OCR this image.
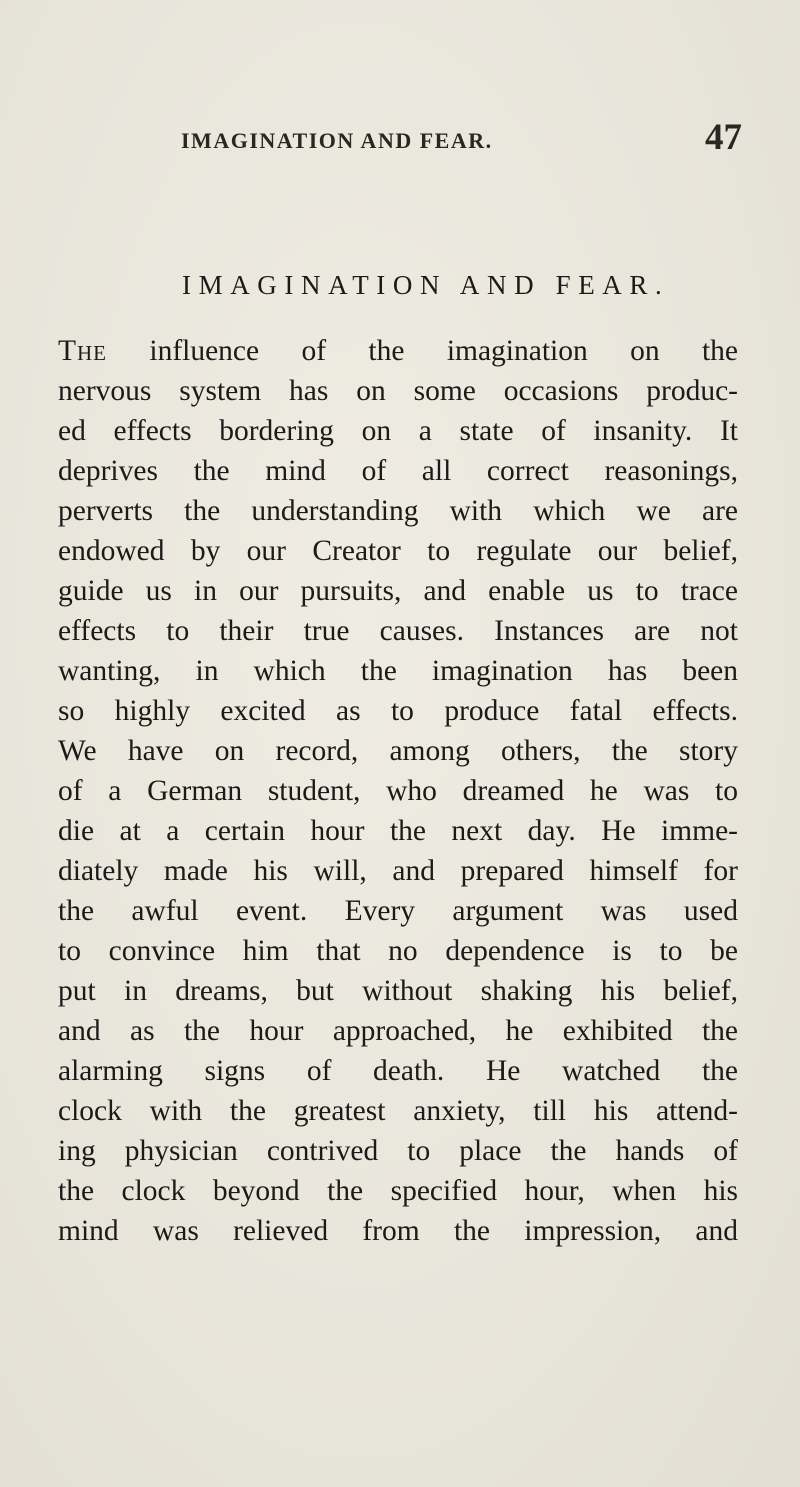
IMAGINATION AND FEAR.	47
IMAGINATION AND FEAR.
The influence of the imagination on the
nervous system has on some occasions produc-
ed effects bordering on a state of insanity. It
deprives the mind of all correct reasonings,
perverts the understanding with which we are
endowed by our Creator to regulate our belief,
guide us in our pursuits, and enable us to trace
effects to their true causes. Instances are not
wanting, in which the imagination has been
so highly excited as to produce fatal effects.
We have on record, among others, the story
of a German student, who dreamed he was to
die at a certain hour the next day. He imme-
diately made his will, and prepared himself for
the awful event. Every argument was used
to convince him that no dependence is to be
put in dreams, but without shaking his belief,
and as the hour approached, he exhibited the
alarming signs of death. He watched the
clock with the greatest anxiety, till his attend-
ing physician contrived to place the hands of
the clock beyond the specified hour, when his
mind was relieved from the impression, and
